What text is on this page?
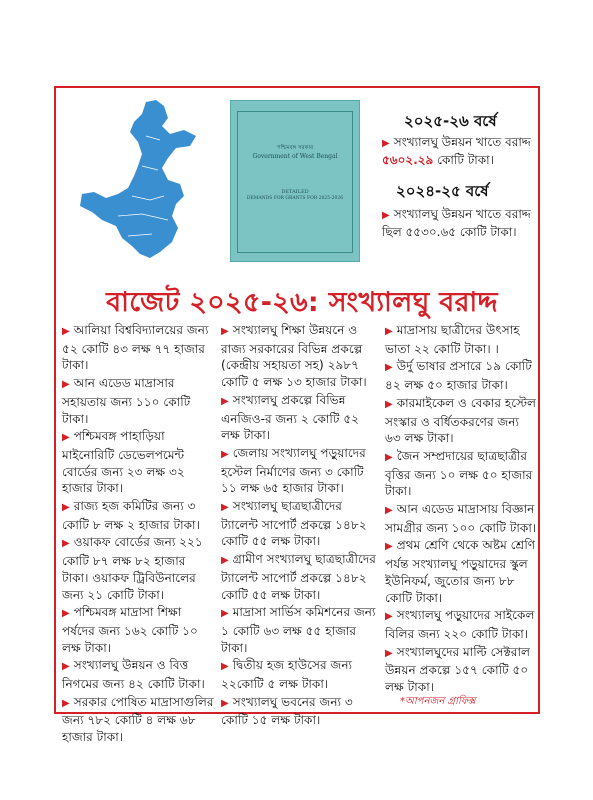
পশ্চিমবঙ্গ সরকার
Government of West Bengal
DETAILED
DEMANDS FOR GRANTS FOR 2025-2026
২০২৫-২৬ বর্ষে
▶ সংখ্যালঘু উন্নয়ন খাতে বরাদ্দ
৫৬০২.২৯ কোটি টাকা।
২০২৪-২৫ বর্ষে
▶ সংখ্যালঘু উন্নয়ন খাতে বরাদ্দ
ছিল ৫৫৩০.৬৫ কোটি টাকা।
বাজেট ২০২৫-২৬: সংখ্যালঘু বরাদ্দ
▶ আলিয়া বিশ্ববিদ্যালয়ের জন্য ৫২ কোটি ৪৩ লক্ষ ৭৭ হাজার টাকা।
▶ আন এডেড মাদ্রাসার সহায়তায় জন্য ১১০ কোটি টাকা।
▶ পশ্চিমবঙ্গ পাহাড়িয়া মাইনোরিটি ডেভেলপমেন্ট বোর্ডের জন্য ২৩ লক্ষ ৩২ হাজার টাকা।
▶ রাজ্য হজ কমিটির জন্য ৩ কোটি ৮ লক্ষ ২ হাজার টাকা।
▶ ওয়াকফ বোর্ডের জন্য ২২১ কোটি ৮৭ লক্ষ ৮২ হাজার টাকা। ওয়াকফ ট্রিবিউনালের জন্য ২১ কোটি টাকা।
▶ পশ্চিমবঙ্গ মাদ্রাসা শিক্ষা পর্ষদের জন্য ১৬২ কোটি ১০ লক্ষ টাকা।
▶ সংখ্যালঘু উন্নয়ন ও বিত্ত নিগমের জন্য ৪২ কোটি টাকা।
▶ সরকার পোষিত মাদ্রাসাগুলির জন্য ৭৮২ কোটি ৪ লক্ষ ৬৮ হাজার টাকা।
▶ সংখ্যালঘু শিক্ষা উন্নয়নে ও রাজ্য সরকারের বিভিন্ন প্রকল্পে (কেন্দ্রীয় সহায়তা সহ) ২৯৮৭ কোটি ৫ লক্ষ ১৩ হাজার টাকা।
▶ সংখ্যালঘু প্রকল্পে বিভিন্ন এনজিও-র জন্য ২ কোটি ৫২ লক্ষ টাকা।
▶ জেলায় সংখ্যালঘু পড়ুয়াদের হস্টেল নির্মাণের জন্য ৩ কোটি ১১ লক্ষ ৬৫ হাজার টাকা।
▶ সংখ্যালঘু ছাত্রছাত্রীদের ট্যালেন্ট সাপোর্ট প্রকল্পে ১৪৮২ কোটি ৫৫ লক্ষ টাকা।
▶ গ্রামীণ সংখ্যালঘু ছাত্রছাত্রীদের ট্যালেন্ট সাপোর্ট প্রকল্পে ১৪৮২ কোটি ৫৫ লক্ষ টাকা।
▶ মাদ্রাসা সার্ভিস কমিশনের জন্য ১ কোটি ৬৩ লক্ষ ৫৫ হাজার টাকা।
▶ দ্বিতীয় হজ হাউসের জন্য ২২কোটি ৫ লক্ষ টাকা।
▶ সংখ্যালঘু ভবনের জন্য ৩ কোটি ১৫ লক্ষ টাকা।
▶ মাদ্রাসায় ছাত্রীদের উৎসাহ ভাতা ২২ কোটি টাকা। ।
▶ উর্দু ভাষার প্রসারে ১৯ কোটি ৪২ লক্ষ ৫০ হাজার টাকা।
▶ কারমাইকেল ও বেকার হস্টেল সংস্কার ও বর্ধিতকরণের জন্য ৬৩ লক্ষ টাকা।
▶ জৈন সম্প্রদায়ের ছাত্রছাত্রীর বৃত্তির জন্য ১০ লক্ষ ৫০ হাজার টাকা।
▶ আন এডেড মাদ্রাসায় বিজ্ঞান সামগ্রীর জন্য ১০০ কোটি টাকা।
▶ প্রথম শ্রেণি থেকে অষ্টম শ্রেণি পর্যন্ত সংখ্যালঘু পড়ুয়াদের স্কুল ইউনিফর্ম, জুতোর জন্য ৮৮ কোটি টাকা।
▶ সংখ্যালঘু পড়ুয়াদের সাইকেল বিলির জন্য ২২০ কোটি টাকা।
▶ সংখ্যালঘুদের মাল্টি সেক্টরাল উন্নয়ন প্রকল্পে ১৫৭ কোটি ৫০ লক্ষ টাকা।
*আপনজন গ্রাফিক্স
